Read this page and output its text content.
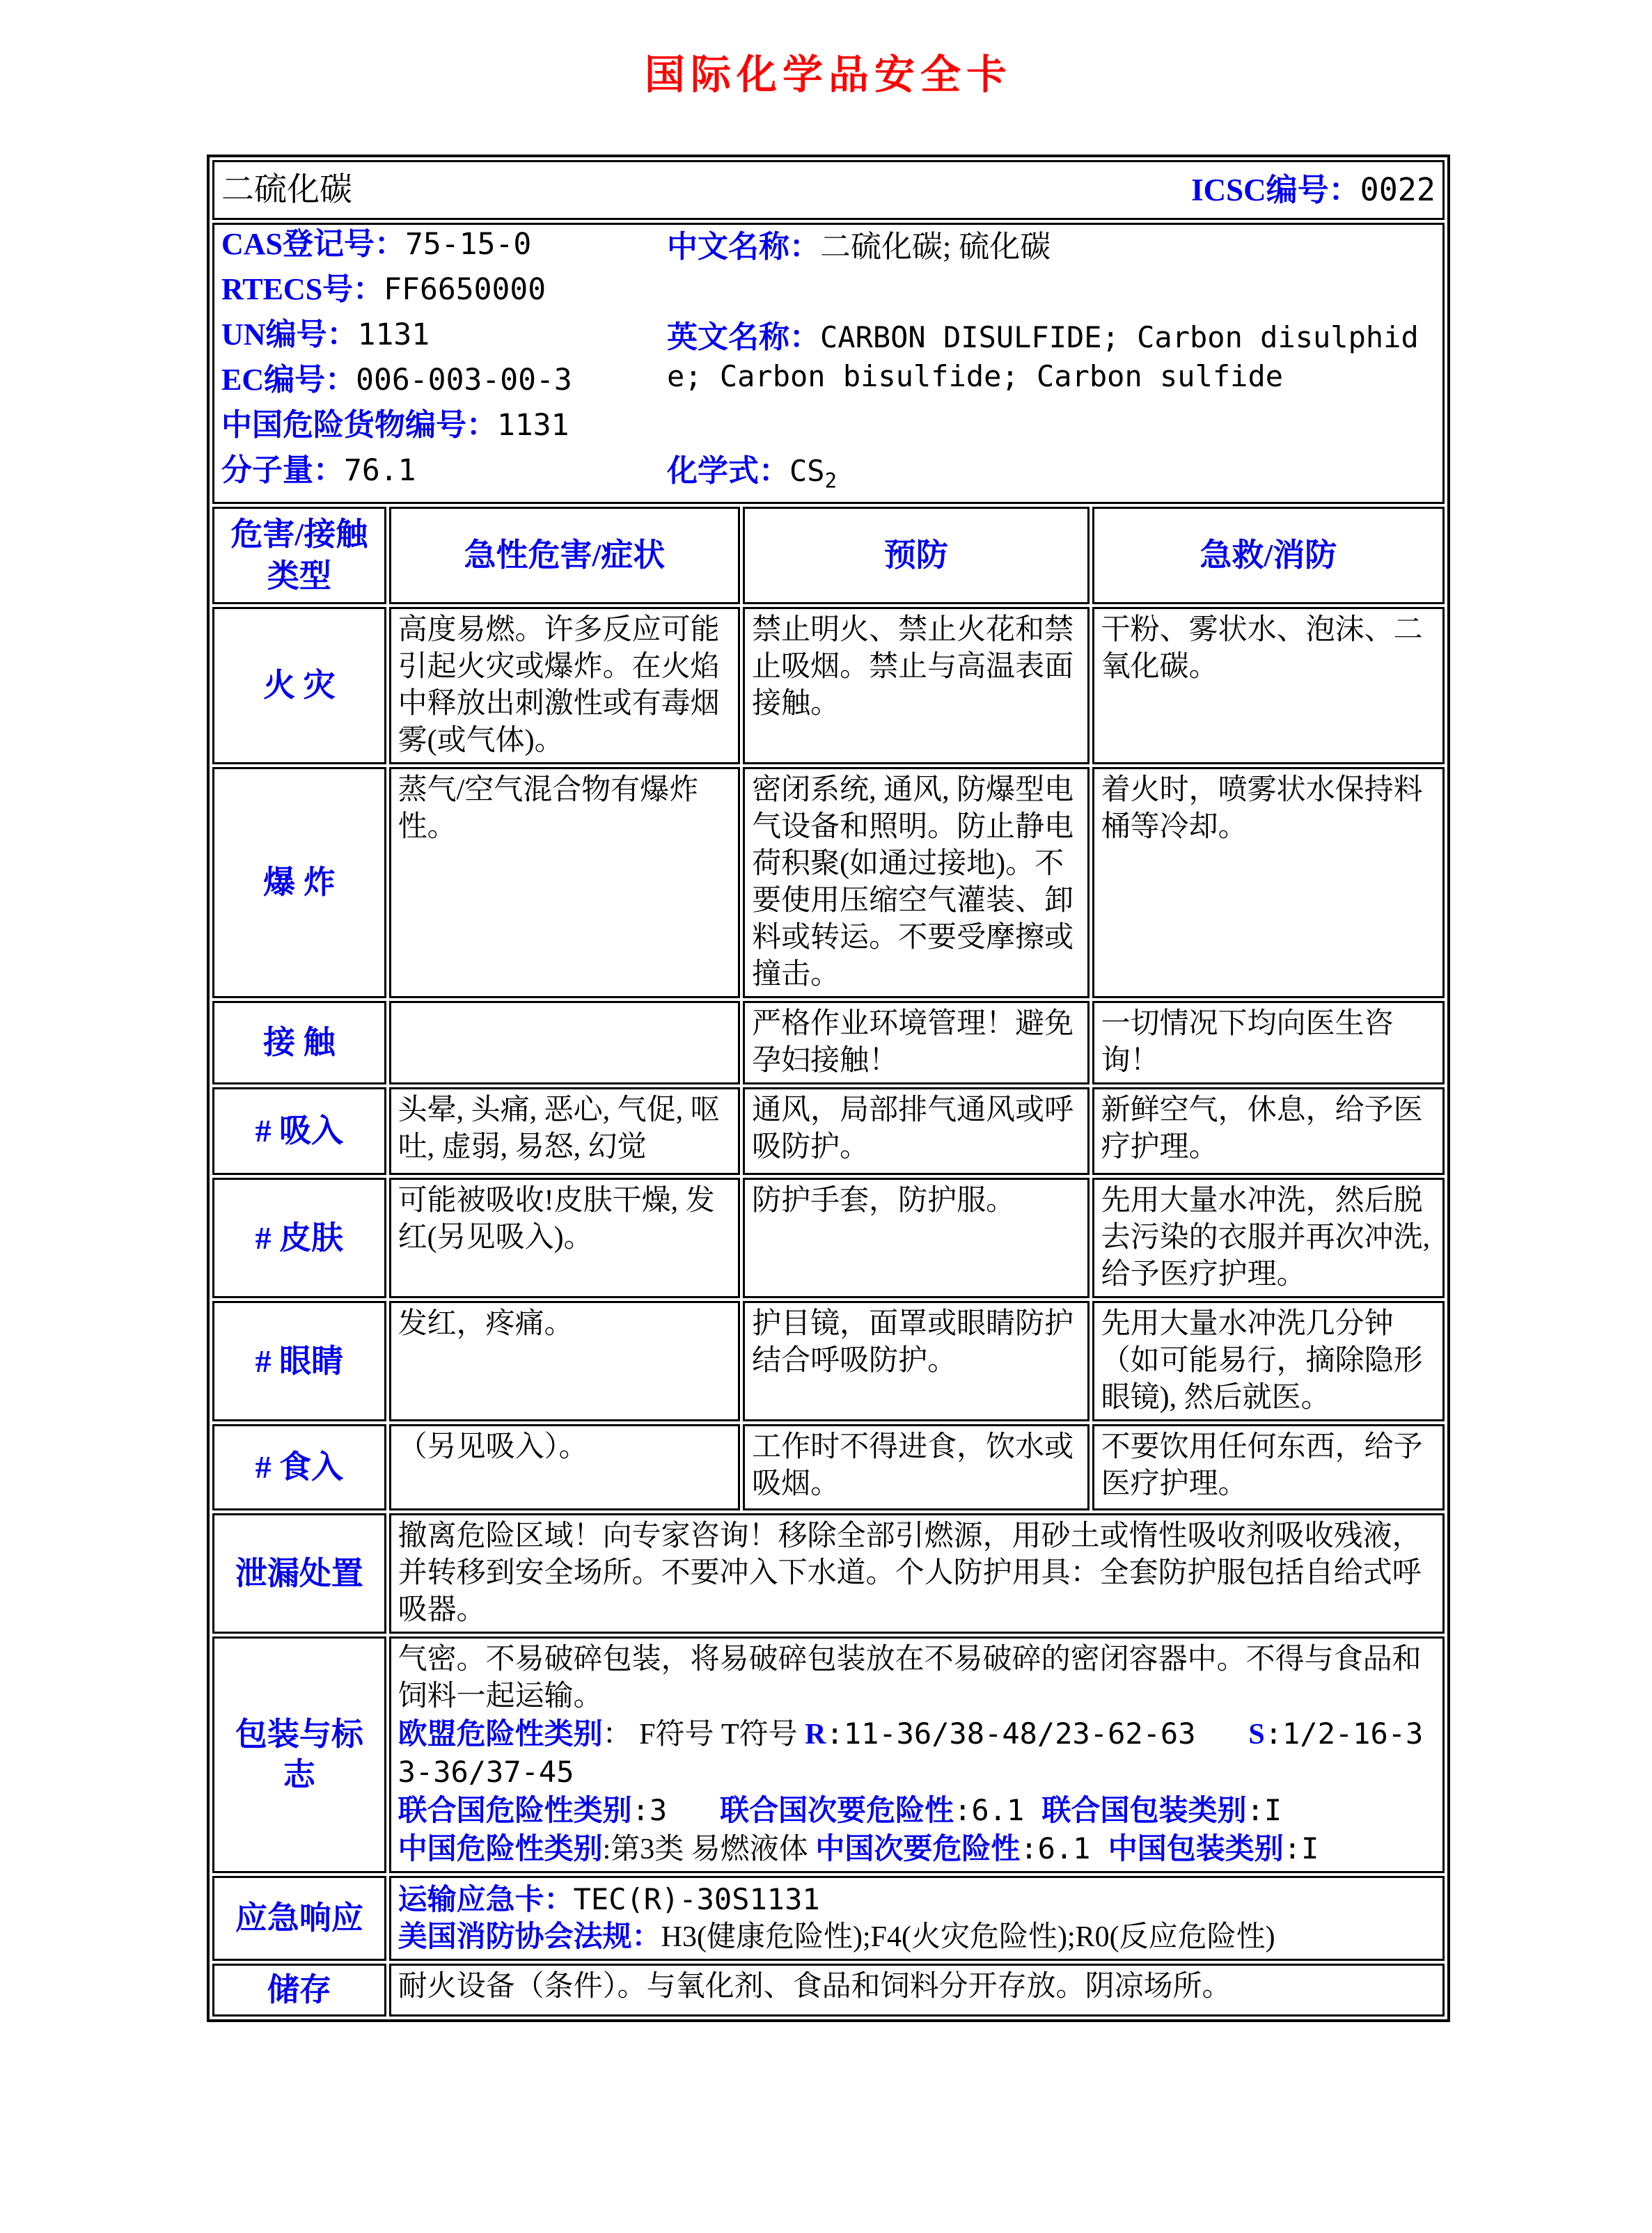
国际化学品安全卡
二硫化碳 ICSC编号：0022			

CAS登记号：75-15-0
RTECS号：FF6650000
UN编号：1131
EC编号：006-003-00-3
中国危险货物编号：1131
分子量：76.1
中文名称：二硫化碳; 硫化碳
英文名称：CARBON DISULFIDE; Carbon disulphide; Carbon bisulfide; Carbon sulfide
化学式：$CS_2$

危害/接触类型	急性危害/症状	预防	急救/消防
火 灾	高度易燃。许多反应可能引起火灾或爆炸。在火焰中释放出刺激性或有毒烟雾(或气体)。	禁止明火、禁止火花和禁止吸烟。禁止与高温表面接触。	干粉、雾状水、泡沫、二氧化碳。
爆 炸	蒸气/空气混合物有爆炸性。	密闭系统, 通风, 防爆型电气设备和照明。防止静电荷积聚(如通过接地)。不要使用压缩空气灌装、卸料或转运。不要受摩擦或撞击。	着火时，喷雾状水保持料桶等冷却。
接 触		严格作业环境管理！避免孕妇接触！	一切情况下均向医生咨询！
# 吸入	头晕, 头痛, 恶心, 气促, 呕吐, 虚弱, 易怒, 幻觉	通风，局部排气通风或呼吸防护。	新鲜空气，休息，给予医疗护理。
# 皮肤	可能被吸收!皮肤干燥, 发红(另见吸入)。	防护手套，防护服。	先用大量水冲洗，然后脱去污染的衣服并再次冲洗, 给予医疗护理。
# 眼睛	发红，疼痛。	护目镜，面罩或眼睛防护结合呼吸防护。	先用大量水冲洗几分钟（如可能易行，摘除隐形眼镜), 然后就医。
# 食入	（另见吸入）。	工作时不得进食，饮水或吸烟。	不要饮用任何东西，给予医疗护理。
泄漏处置	撤离危险区域！向专家咨询！移除全部引燃源，用砂土或惰性吸收剂吸收残液，并转移到安全场所。不要冲入下水道。个人防护用具：全套防护服包括自给式呼吸器。		
包装与标志	气密。不易破碎包装，将易破碎包装放在不易破碎的密闭容器中。不得与食品和饲料一起运输。
欧盟危险性类别： F符号 T符号 R:11-36/38-48/23-62-63   S:1/2-16-33-36/37-45
联合国危险性类别:3   联合国次要危险性:6.1 联合国包装类别:I
中国危险性类别:第3类 易燃液体 中国次要危险性:6.1 中国包装类别:I		
应急响应	运输应急卡：TEC(R)-30S1131
美国消防协会法规：H3(健康危险性);F4(火灾危险性);R0(反应危险性)		
储存	耐火设备（条件）。与氧化剂、食品和饲料分开存放。阴凉场所。		
